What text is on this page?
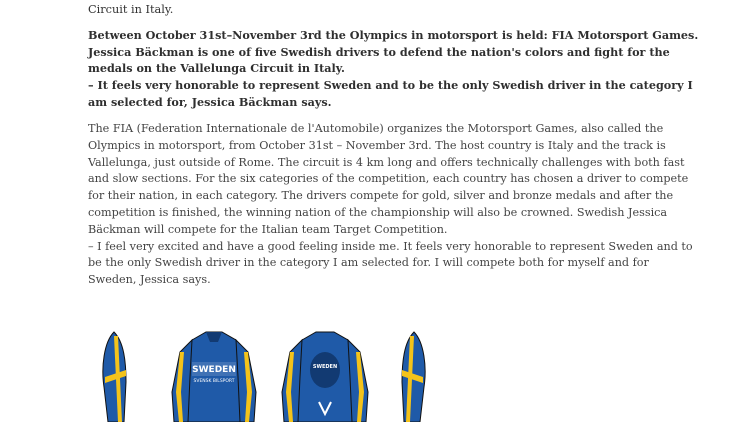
Circuit in Italy.

Between October 31st–November 3rd the Olympics in motorsport is held: FIA Motorsport Games.

Jessica Bäckman is one of five Swedish drivers to defend the nation's colors and fight for the

medals on the Vallelunga Circuit in Italy.

– It feels very honorable to represent Sweden and to be the only Swedish driver in the category I

am selected for, Jessica Bäckman says.

The FIA (Federation Internationale de l'Automobile) organizes the Motorsport Games, also called the

Olympics in motorsport, from October 31st – November 3rd. The host country is Italy and the track is

Vallelunga, just outside of Rome. The circuit is 4 km long and offers technically challenges with both fast

and slow sections. For the six categories of the competition, each country has chosen a driver to compete

for their nation, in each category. The drivers compete for gold, silver and bronze medals and after the

competition is finished, the winning nation of the championship will also be crowned. Swedish Jessica

Bäckman will compete for the Italian team Target Competition.

– I feel very excited and have a good feeling inside me. It feels very honorable to represent Sweden and to

be the only Swedish driver in the category I am selected for. I will compete both for myself and for

Sweden, Jessica says.

SWEDEN
SVENSK BILSPORT
SWEDEN
